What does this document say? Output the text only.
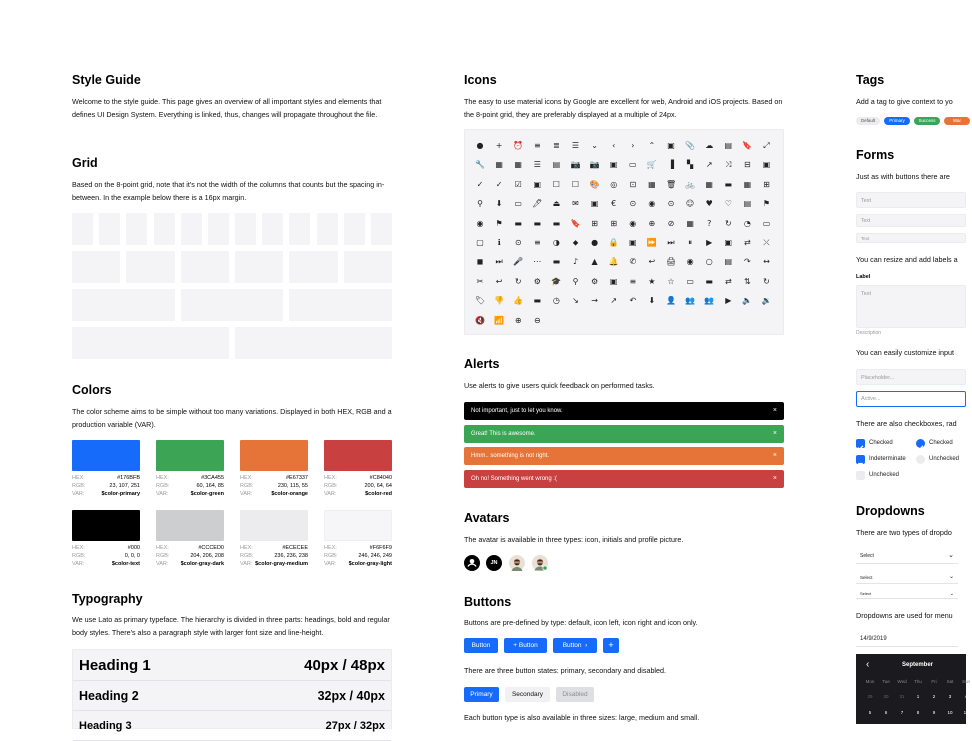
Style Guide

Welcome to the style guide. This page gives an overview of all important styles and elements that defines UI Design System. Everything is linked, thus, changes will propagate throughout the file.

Grid

Based on the 8-point grid, note that it's not the width of the columns that counts but the spacing in-between. In the example below there is a 16px margin.

Colors

The color scheme aims to be simple without too many variations. Displayed in both HEX, RGB and a production variable (VAR).

HEX:	#176BFB
RGB:	23, 107, 251
VAR:	$color-primary
HEX:	#3CA455
RGB:	60, 164, 85
VAR:	$color-green
HEX:	#E67337
RGB:	230, 115, 55
VAR:	$color-orange
HEX:	#C84040
RGB:	200, 64, 64
VAR:	$color-red
HEX:	#000
RGB:	0, 0, 0
VAR:	$color-text
HEX:	#CCCED0
RGB:	204, 206, 208
VAR: $color-gray-dark
HEX:	#ECECEE
RGB:	236, 236, 238
VAR: $color-gray-medium
HEX:	#F6F6F9
RGB:	246, 246, 249
VAR: $color-gray-light
Typography

We use Lato as primary typeface. The hierarchy is divided in three parts: headings, bold and regular body styles. There's also a paragraph style with larger font size and line-height.

Heading 1	40px / 48px
Heading 2	32px / 40px
Heading 3	27px / 32px
Icons

The easy to use material icons by Google are excellent for web, Android and iOS projects. Based on the 8-point grid, they are preferably displayed at a multiple of 24px.

● + ⏰ ≡ ≣ ☰ ⌄	‹	›	⌃ ▣ 📎 ☁ ▤ 🔖 ⤢
🔧 ▦ ▦ ☰ ▤ 📷 📷 ▣ ▭ 🛒 ▐ ▚ ↗ ⤨ ⊟ ▣
✓ ✓ ☑ ▣ ☐ ☐ 🎨 ◎ ⊡ ▦ 🗑 🚲 ▦ ▬ ▦ ⊞
⚲ ⬇ ▭ 🖊 ⏏ ✉ ▣	€	⊙ ◉ ⊙ ☺ ♥ ♡ ▤ ⚑
◉ ⚑ ▬ ▬ ▬ 🔖 ⊞ ⊞ ◉ ⊕ ⊘ ▦	?	↻ ◔ ▭
▢	ℹ	⊙ ≡ ◑ ⬥ ● 🔒 ▣ ⏩ ⏭	⏸	▶ ▣ ⇄ ⤫
◼ ⏭ 🎤 ⋯ ▬	♪	▲ 🔔 ✆ ↩ 🖨 ◉ ○ ▤ ↷ ↔
✂ ↩ ↻ ⚙ 🎓 ⚲ ⚙ ▣ ≡ ★ ☆ ▭ ▬ ⇄ ⇅ ↻
🏷 👎 👍 ▬ ◷ ↘ → ↗ ↶ ⬇ 👤 👥 👥 ▶ 🔈 🔉
🔇 📶 ⊕ ⊖
Alerts

Use alerts to give users quick feedback on performed tasks.

Not important, just to let you know.	×
Great! This is awesome.	×
Hmm.. something is not right.	×
Oh no! Something went wrong :(	×
Avatars

The avatar is available in three types: icon, initials and profile picture.

JN
Buttons

Buttons are pre-defined by type: default, icon left, icon right and icon only.

Button	+ Button	Button  ›	+

There are three button states: primary, secondary and disabled.

Primary	Secondary	Disabled

Each button type is also available in three sizes: large, medium and small.

Tags

Add a tag to give context to yo

Default	Primary	Success	War
Forms

Just as with buttons there are

Text
Text
Text

You can resize and add labels a

Label
Text
Description

You can easily customize input

Placeholder...
Active...

There are also checkboxes, rad

Checked	Checked
Indeterminate	Unchecked
Unchecked
Dropdowns

There are two types of dropdo

Select	⌄
Select	⌄
Select	⌄

Dropdowns are used for menu

14/9/2019
‹	September
Mon	Tue	Wed	Thu	Fri	Sat	Sun
29	30	31	1	2	3	4
5	6	7	8	9	10	11
